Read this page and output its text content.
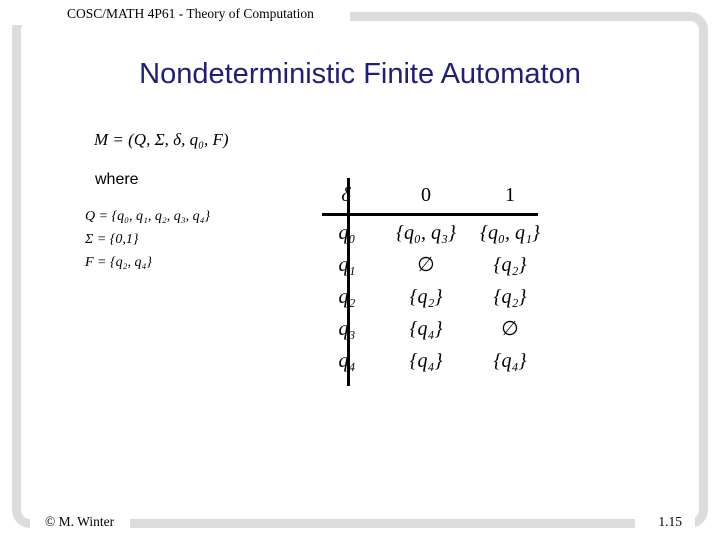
COSC/MATH 4P61 - Theory of Computation
Nondeterministic Finite Automaton
M = (Q, Σ, δ, q₀, F)
where
Q = {q₀, q₁, q₂, q₃, q₄}
Σ = {0,1}
F = {q₂, q₄}
δ	0	1
q₀	{q₀, q₃}	{q₀, q₁}
q₁	∅	{q₂}
q₂	{q₂}	{q₂}
q₃	{q₄}	∅
q₄	{q₄}	{q₄}
© M. Winter	1.15
